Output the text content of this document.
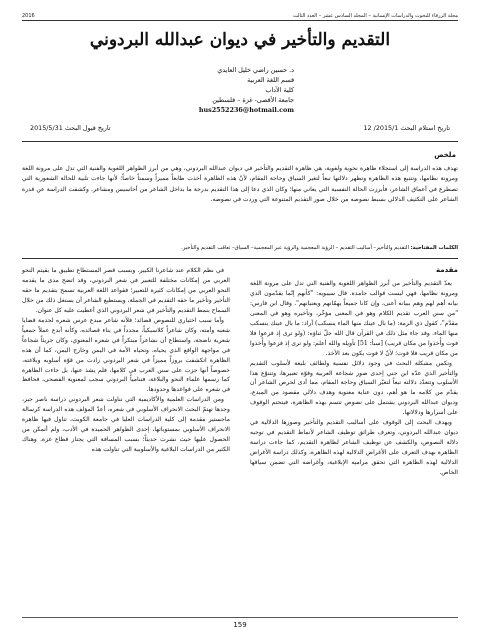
مجلة الزرقاء للبحوث والدراسات الإنسانية – المجلد السادس عشر – العدد الثالث
2016
التقديم والتأخير في ديوان عبدالله البردوني
د. حسين راضي خليل العايدي
قسم اللغة العربية
كلية الآداب
جامعة الأقصى- غزة – فلسطين
hus2552236@hotmail.com
تاريخ استلام البحث 2015/1/ 12
تاريخ قبول البحث 2015/5/31
ملخص

تهدف هذه الدراسة إلى استجلاء ظاهرة نحوية ولغوية، هي ظاهرة التقديم والتأخير في ديوان عبدالله البردوني، وهي من أبرز الظواهر اللغوية والفنية التي تدل على مرونة اللغة ومرونة نظامها، وتتتبع هذه الظاهرة وتظهر دلالتها تبعاً لتغير السياق وحاجة المقام، لأنّ هذه الظاهرة أخذت طابعاً مميزاً وسمتاً خاصاً؛ لأنها جاءت تلبية للحالة الشعورية التي تصطرع في أعماق الشاعر، فأبرزت الحالة النفسية التي يعاني منها؛ وكان الذي دعا إلى هذا التقديم بدرجة ما بداخل الشاعر من أحاسيس ومشاعر. وكشفت الدراسة عن قدرة الشاعر على التكثيف الدلالي بسبط نصوصه من خلال صور التقديم المتنوعة التي وردت في نصوصه.

الكلمات المفتاحية: التقديم والتأخير– أساليب التقديم – الرؤية المعجمية والرؤية عبر المعجمية– السياق– تعاقب التقديم والتأخير.

مقدمة

يعدّ التقديم والتأخير من أبرز الظواهر اللغوية والفنية التي تدل على مرونة اللغة ومرونة نظامها، فهي ليست قوالب جامدة. قال سيبويه: "كأنهم إنّما يقدّمون الذي بيانه أهم لهم وهم ببيانه أعنى، وإن كانا جميعاً يهمّانهم ويعنيانهم". وقال ابن فارس: "من سنن العرب تقديم الكلام وهو في المعنى مؤخّر، وتأخيره وهو في المعنى مقدّم"، كقول ذي الرمة: (ما بال عينك منها الماء ينسكب) أراد: ما بال عينك ينسكب منها الماء. وقد جاء مثل ذلك في القرآن قال الله جلّ ثناؤه: (ولو ترى إذ فزعوا فلا فوت وأُخذوا من مكان قريب) [سبأ: 51] تأويله والله أعلم: ولو ترى إذ فزعوا وأُخذوا من مكان قريب فلا فوت؛ لأنّ لا فوت يكون بعد الأخذ.

وتكمن مشكلة البحث في وجود دلائل نفسية ولطائف بليغة لأسلوب التقديم والتأخير الذي عدّه ابن جني إحدى صور شجاعة العربية وقوّة تعبيرها، وتتنوّع هذا الأسلوب وتتعدّد دلالته تبعاً لتغيّر السياق وحاجة المقام، مما أدى لحرص الشاعر أن يقدّم من كلامه ما هو أهم، دون عناية معنوية وهدف دلالي مقصود من المبدع، وديوان عبدالله البردوني يشتمل على نصوص تتسم بهذه الظاهرة، فيتحتم الوقوف على أسرارها ودلالاتها.

ويهدف البحث إلى الوقوف على أساليب التقديم والتأخير وصورها الدلالية في ديوان عبدالله البردوني، وتعرف طرائق توظيف الشاعر لأنماط التقديم في توجيه دلالة النصوص، والكشف عن توظيف الشاعر لظاهرة التقديم، كما جاءت دراسة الظاهرة بهدف التعرف على الأغراض الدلالية لهذه الظاهرة، وكذلك دراسة الأغراض الدلالية لهذه الظاهرة التي تحقق مراميه الإبلاغية، وأغراضه التي تضمن سياقها الخاص.

في نظم الكلام عند شاعرنا الكبير. وبسبب قصر المستطاع تطبيق ما بقيتم النحو العربي من إمكانات مختلفة للتعبير في شعر البردوني، وقد اتضح مدى ما يقدمه النحو العربي من إمكانات كثيرة للتعبير؛ فقواعد اللغة العربية تسمح بتقديم ما حقه التأخير وتأخير ما حقه التقديم في الجملة، ويستطيع الشاعر أن يستغل ذلك من خلال السماح بنمط التقديم والتأخير في شعر البردوني الذي أعطيت عليه كل عنوان.

وأما سبب اختياري للنصوص قصائد؛ فلأنه شاعر مبدع عرس شعره لحدمة قضايا شعبه وأمته، وكان شاعراً كلاسيكياً، مجدداً في بناء قصائده، وكأنه أبدع عملاً جمعياً شعرية ناضجة، واستطاع أن نشاعراً مبتكراً في شعره المعنوي، وكان جريئاً شجاعاً في مواجهة الواقع الذي يحياه، وتحياه الأمة في اليمن وخارج اليمن، كما أن هذه الظاهرة اتكشفت بروزاً مميزاً في شعر البردوني زادت من قوّة أسلوبه وبلاغته، خصوصاً أنها جزت على سنن العرب في كلامها، فلم يشذ عنها، بل جاءت الظاهرة كما رسمها علماء النحو والبلاغة، فتنامياً البردوني سجب لمعنوية الفصحى، فحافظ في شعره على قواعدها وحدودها.

ومن الدراسات العلمية والأكاديمية التي تناولت شعر البردوني دراسة ناصر جبر، وجدها تهتمّ البحث الانحراف الأسلوبي في شعره، أعدّ المؤلف هذه الدراسة كرسالة ماجستير مقدمة إلى كلية الدراسات العليا في جامعة الكويت، تناول فيها ظاهرة الانحراف الأسلوبي بمستوياتها، إحدى الظواهر الحميدة في الأدب، ولم أتمكن من الحصول عليها حيث نشرت حديثاً؛ بسبب المسافة التي يجتاز قطاع غزة. وهناك الكثير من الدراسات البلاغية والأسلوبية التي تناولت هذه

159
